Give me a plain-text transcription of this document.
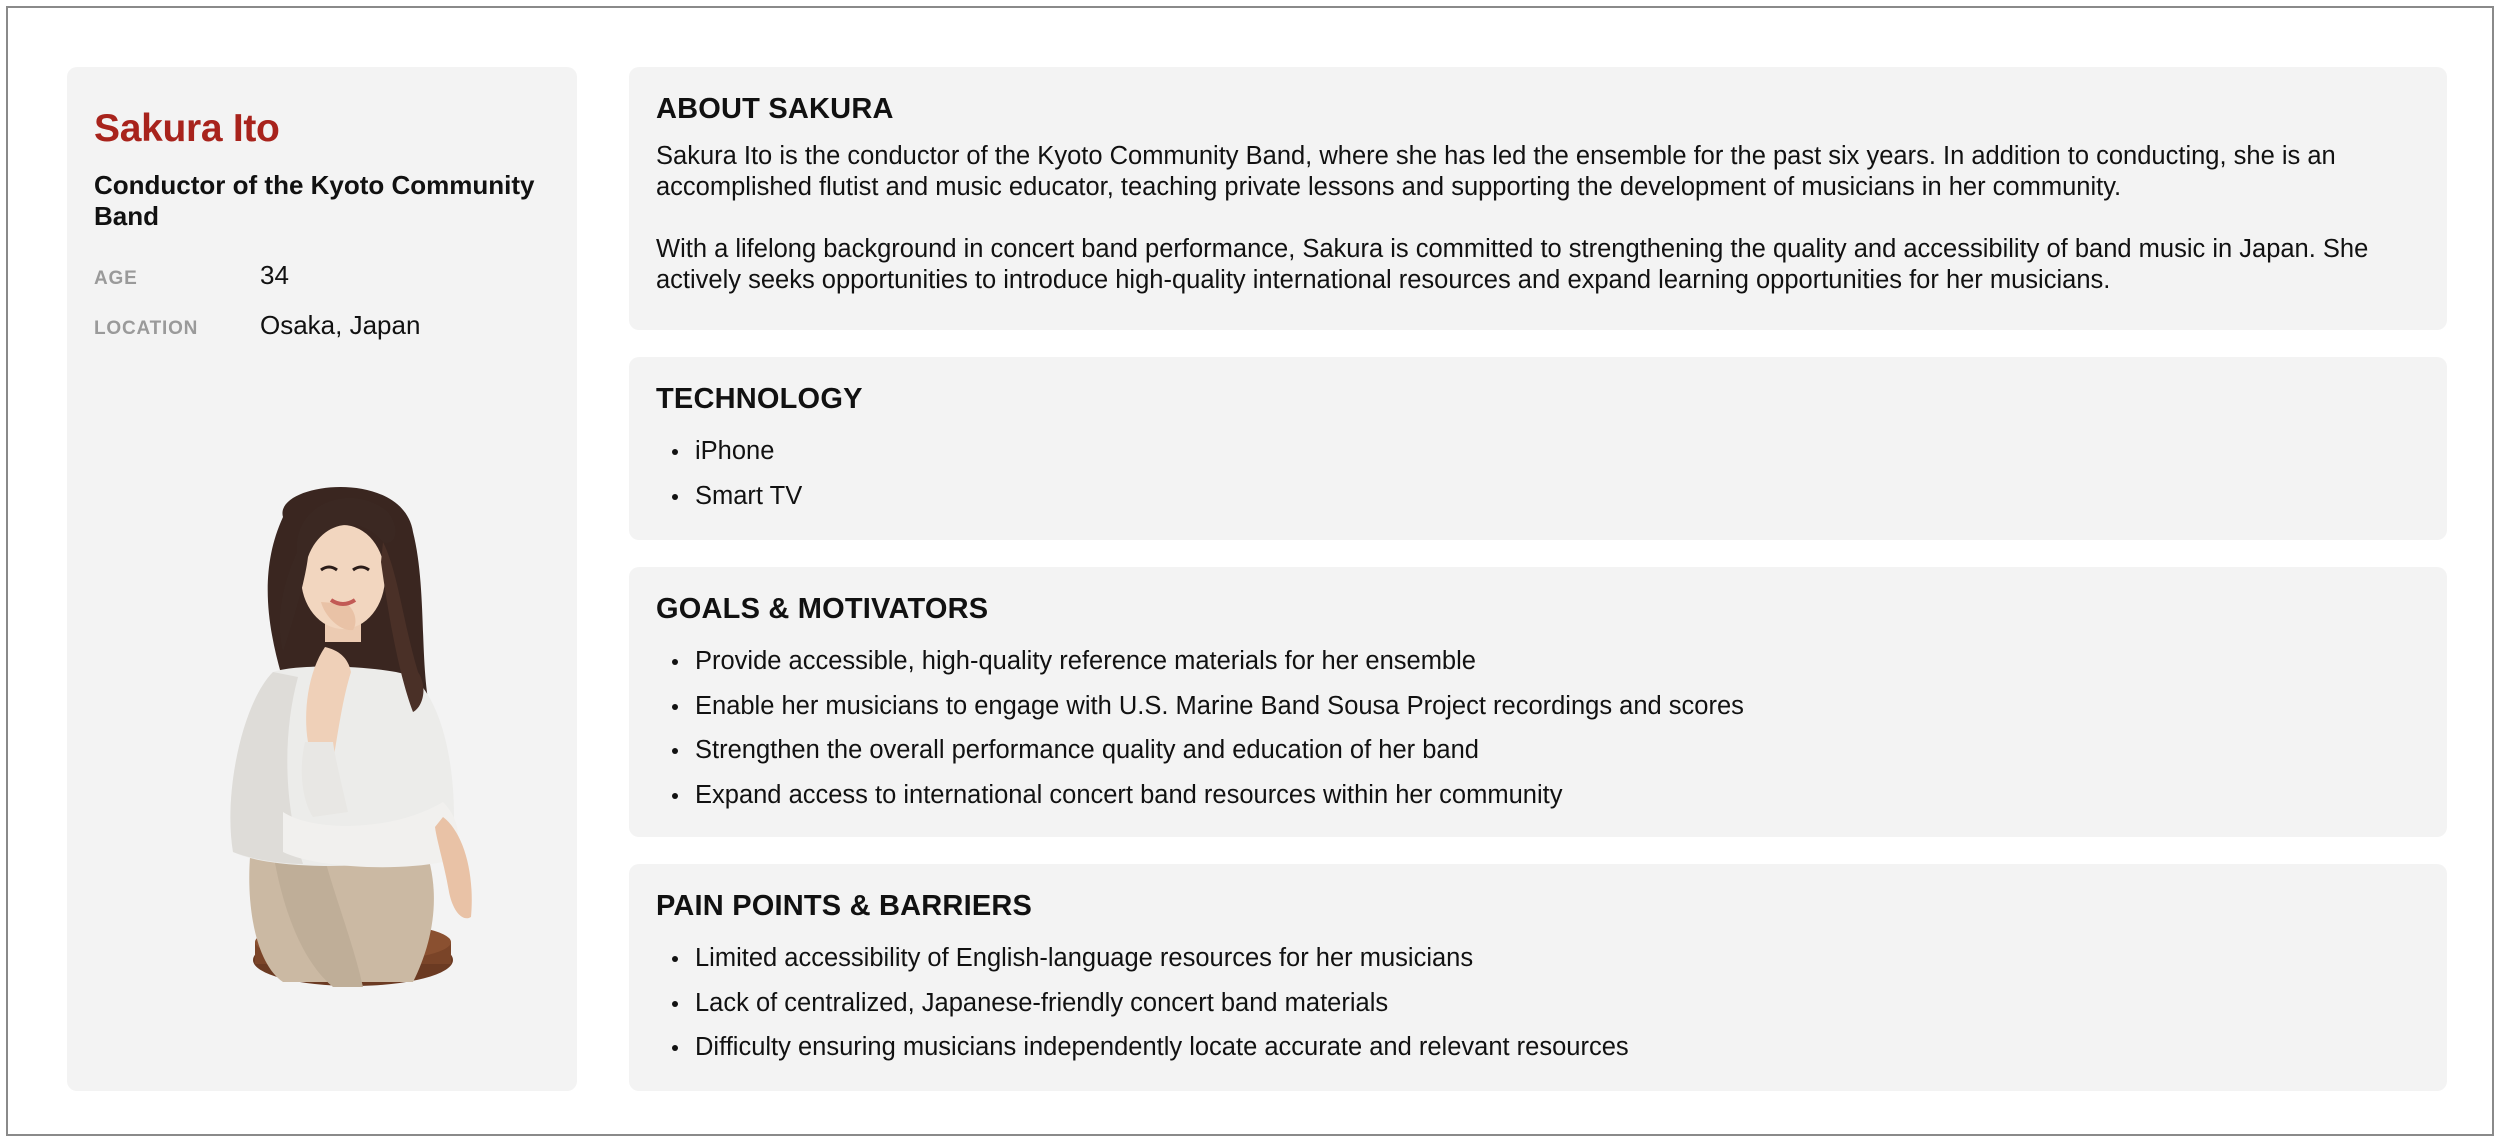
Sakura Ito
Conductor of the Kyoto Community Band
AGE	34
LOCATION	Osaka, Japan
ABOUT SAKURA

Sakura Ito is the conductor of the Kyoto Community Band, where she has led the ensemble for the past six years. In addition to conducting, she is an accomplished flutist and music educator, teaching private lessons and supporting the development of musicians in her community.

With a lifelong background in concert band performance, Sakura is committed to strengthening the quality and accessibility of band music in Japan. She actively seeks opportunities to introduce high-quality international resources and expand learning opportunities for her musicians.

TECHNOLOGY
iPhone
Smart TV
GOALS & MOTIVATORS
Provide accessible, high-quality reference materials for her ensemble
Enable her musicians to engage with U.S. Marine Band Sousa Project recordings and scores
Strengthen the overall performance quality and education of her band
Expand access to international concert band resources within her community
PAIN POINTS & BARRIERS
Limited accessibility of English-language resources for her musicians
Lack of centralized, Japanese-friendly concert band materials
Difficulty ensuring musicians independently locate accurate and relevant resources
